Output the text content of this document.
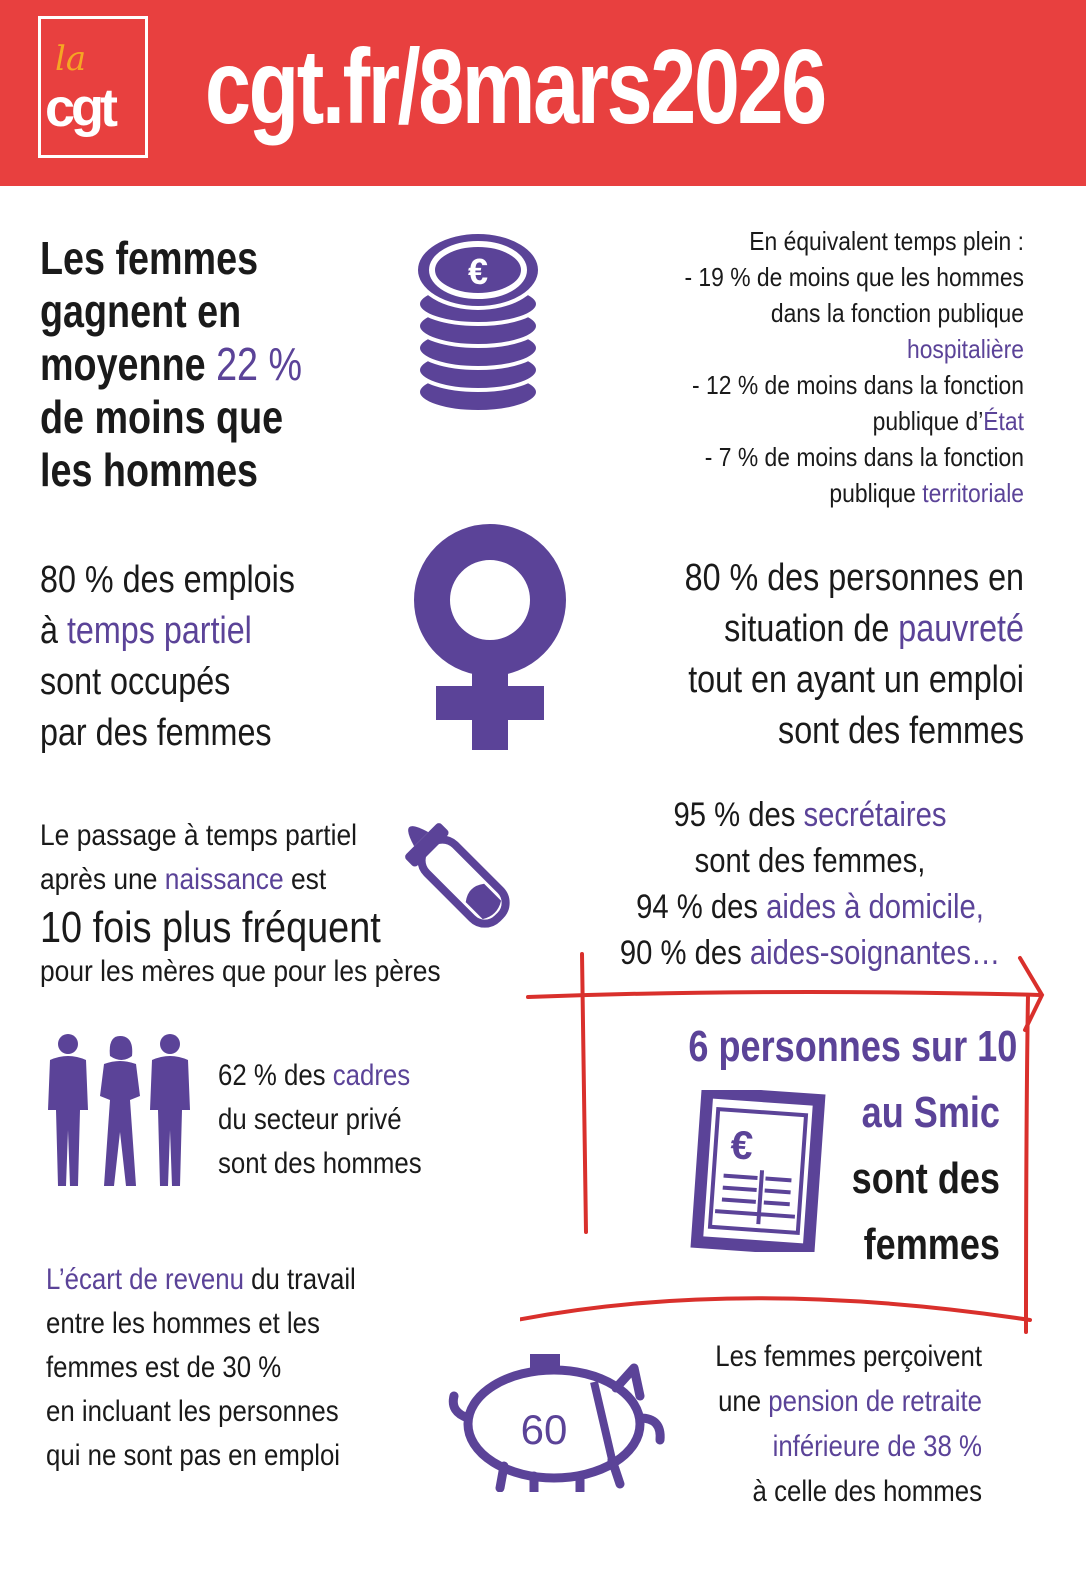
la
cgt cgt.fr/8mars2026
Les femmes
gagnent en
moyenne 22 %
de moins que
les hommes
€
En équivalent temps plein :
- 19 % de moins que les hommes
dans la fonction publique
hospitalière
- 12 % de moins dans la fonction
publique d’État
- 7 % de moins dans la fonction
publique territoriale
80 % des emplois
à temps partiel
sont occupés
par des femmes
80 % des personnes en
situation de pauvreté
tout en ayant un emploi
sont des femmes
Le passage à temps partiel
après une naissance est
10 fois plus fréquent
pour les mères que pour les pères
95 % des secrétaires
sont des femmes,
94 % des aides à domicile,
90 % des aides-soignantes…
62 % des cadres
du secteur privé
sont des hommes
6 personnes sur 10
au Smic
sont des
femmes
€
L’écart de revenu du travail
entre les hommes et les
femmes est de 30 %
en incluant les personnes
qui ne sont pas en emploi
60
Les femmes perçoivent
une pension de retraite
inférieure de 38 %
à celle des hommes
